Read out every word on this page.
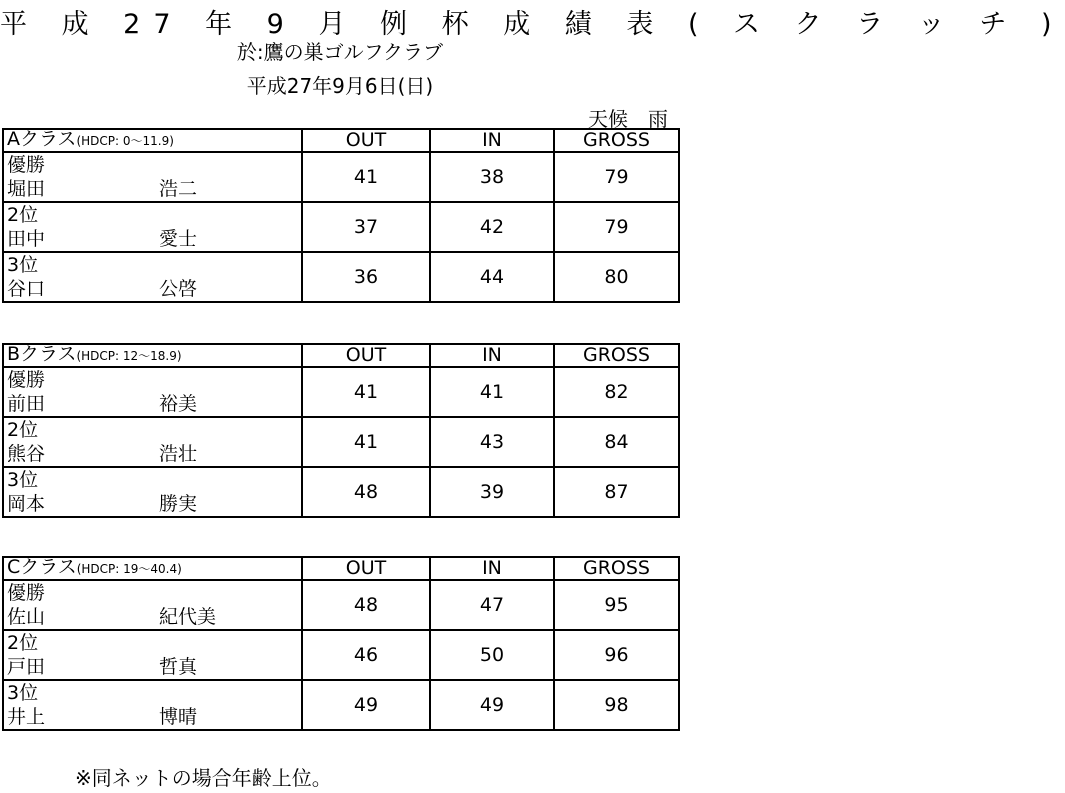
平 成 27 年 9 月 例 杯 成 績 表 ( ス ク ラ ッ チ )
於:鷹の巣ゴルフクラブ
平成27年9月6日(日)
天候　雨
Aクラス(HDCP: 0～11.9)	OUT	IN	GROSS

優勝
堀田 浩二	41	38	79

2位
田中 愛士	37	42	79

3位
谷口 公啓	36	44	80
Bクラス(HDCP: 12～18.9)	OUT	IN	GROSS

優勝
前田 裕美	41	41	82

2位
熊谷 浩壮	41	43	84

3位
岡本 勝実	48	39	87
Cクラス(HDCP: 19～40.4)	OUT	IN	GROSS

優勝
佐山 紀代美	48	47	95

2位
戸田 哲真	46	50	96

3位
井上 博晴	49	49	98
※同ネットの場合年齢上位。
